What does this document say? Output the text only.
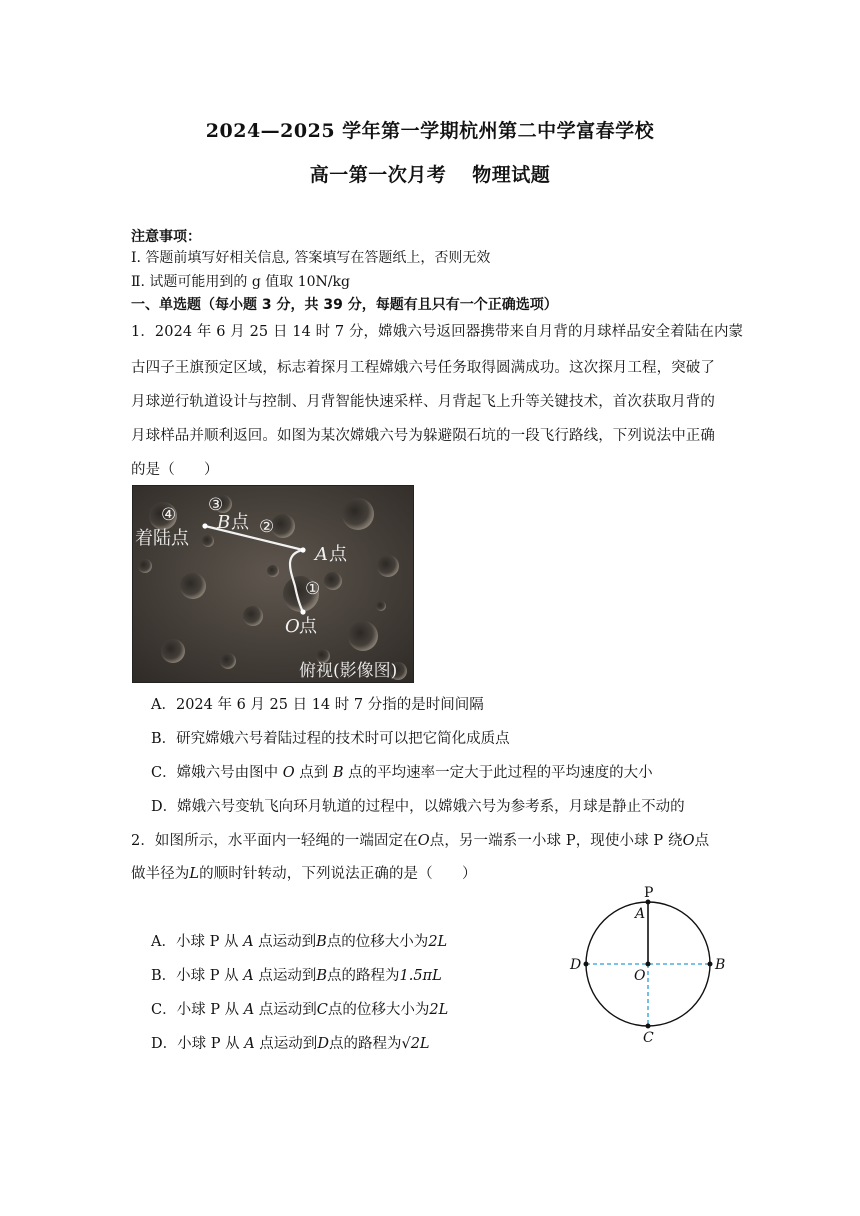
2024—2025 学年第一学期杭州第二中学富春学校
高一第一次月考 物理试题
注意事项：
Ⅰ. 答题前填写好相关信息, 答案填写在答题纸上，否则无效
Ⅱ. 试题可能用到的 g 值取 10N/kg
一、单选题（每小题 3 分，共 39 分，每题有且只有一个正确选项）
1．2024 年 6 月 25 日 14 时 7 分，嫦娥六号返回器携带来自月背的月球样品安全着陆在内蒙
古四子王旗预定区域，标志着探月工程嫦娥六号任务取得圆满成功。这次探月工程，突破了
月球逆行轨道设计与控制、月背智能快速采样、月背起飞上升等关键技术，首次获取月背的
月球样品并顺利返回。如图为某次嫦娥六号为躲避陨石坑的一段飞行路线，下列说法中正确
的是（　　）
④
着陆点
③
B 点 ②
A 点
①
O 点
俯视(影像图)
A．2024 年 6 月 25 日 14 时 7 分指的是时间间隔
B．研究嫦娥六号着陆过程的技术时可以把它简化成质点
C．嫦娥六号由图中 O 点到 B 点的平均速率一定大于此过程的平均速度的大小
D．嫦娥六号变轨飞向环月轨道的过程中，以嫦娥六号为参考系，月球是静止不动的
2．如图所示，水平面内一轻绳的一端固定在O点，另一端系一小球 P，现使小球 P 绕O点
做半径为L的顺时针转动，下列说法正确的是（　　）
A．小球 P 从 A 点运动到B点的位移大小为2L
B．小球 P 从 A 点运动到B点的路程为1.5πL
C．小球 P 从 A 点运动到C点的位移大小为2L
D．小球 P 从 A 点运动到D点的路程为√2L
P
A
D	B
O
C
